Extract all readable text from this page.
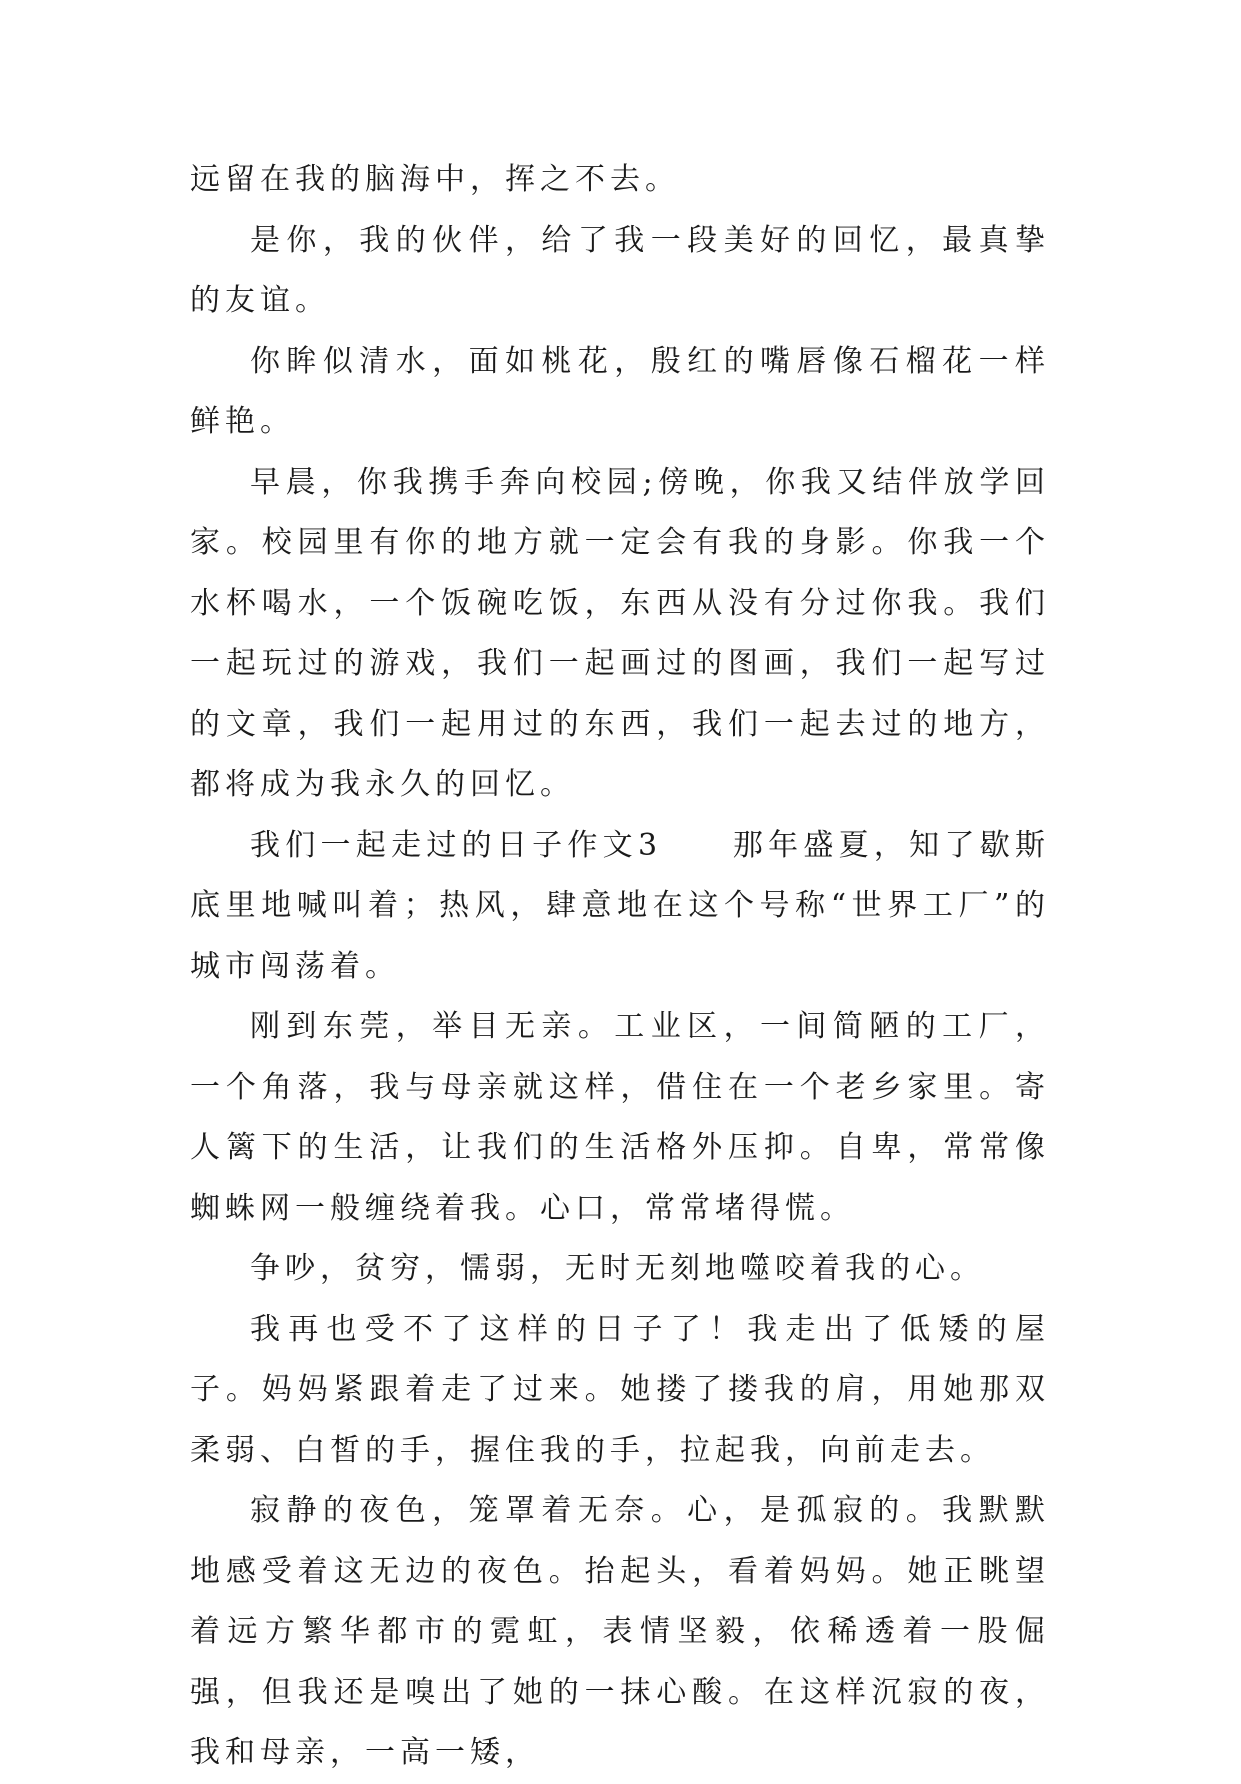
远留在我的脑海中，挥之不去。

是你，我的伙伴，给了我一段美好的回忆，最真挚的友谊。

你眸似清水，面如桃花，殷红的嘴唇像石榴花一样鲜艳。

早晨，你我携手奔向校园;傍晚，你我又结伴放学回家。校园里有你的地方就一定会有我的身影。你我一个水杯喝水，一个饭碗吃饭，东西从没有分过你我。我们一起玩过的游戏，我们一起画过的图画，我们一起写过的文章，我们一起用过的东西，我们一起去过的地方，都将成为我永久的回忆。

我们一起走过的日子作文3　　那年盛夏，知了歇斯底里地喊叫着；热风，肆意地在这个号称“世界工厂”的城市闯荡着。

刚到东莞，举目无亲。工业区，一间简陋的工厂，一个角落，我与母亲就这样，借住在一个老乡家里。寄人篱下的生活，让我们的生活格外压抑。自卑，常常像蜘蛛网一般缠绕着我。心口，常常堵得慌。

争吵，贫穷，懦弱，无时无刻地噬咬着我的心。

我再也受不了这样的日子了！我走出了低矮的屋子。妈妈紧跟着走了过来。她搂了搂我的肩，用她那双柔弱、白皙的手，握住我的手，拉起我，向前走去。

寂静的夜色，笼罩着无奈。心，是孤寂的。我默默地感受着这无边的夜色。抬起头，看着妈妈。她正眺望着远方繁华都市的霓虹，表情坚毅，依稀透着一股倔强，但我还是嗅出了她的一抹心酸。在这样沉寂的夜，我和母亲，一高一矮，
